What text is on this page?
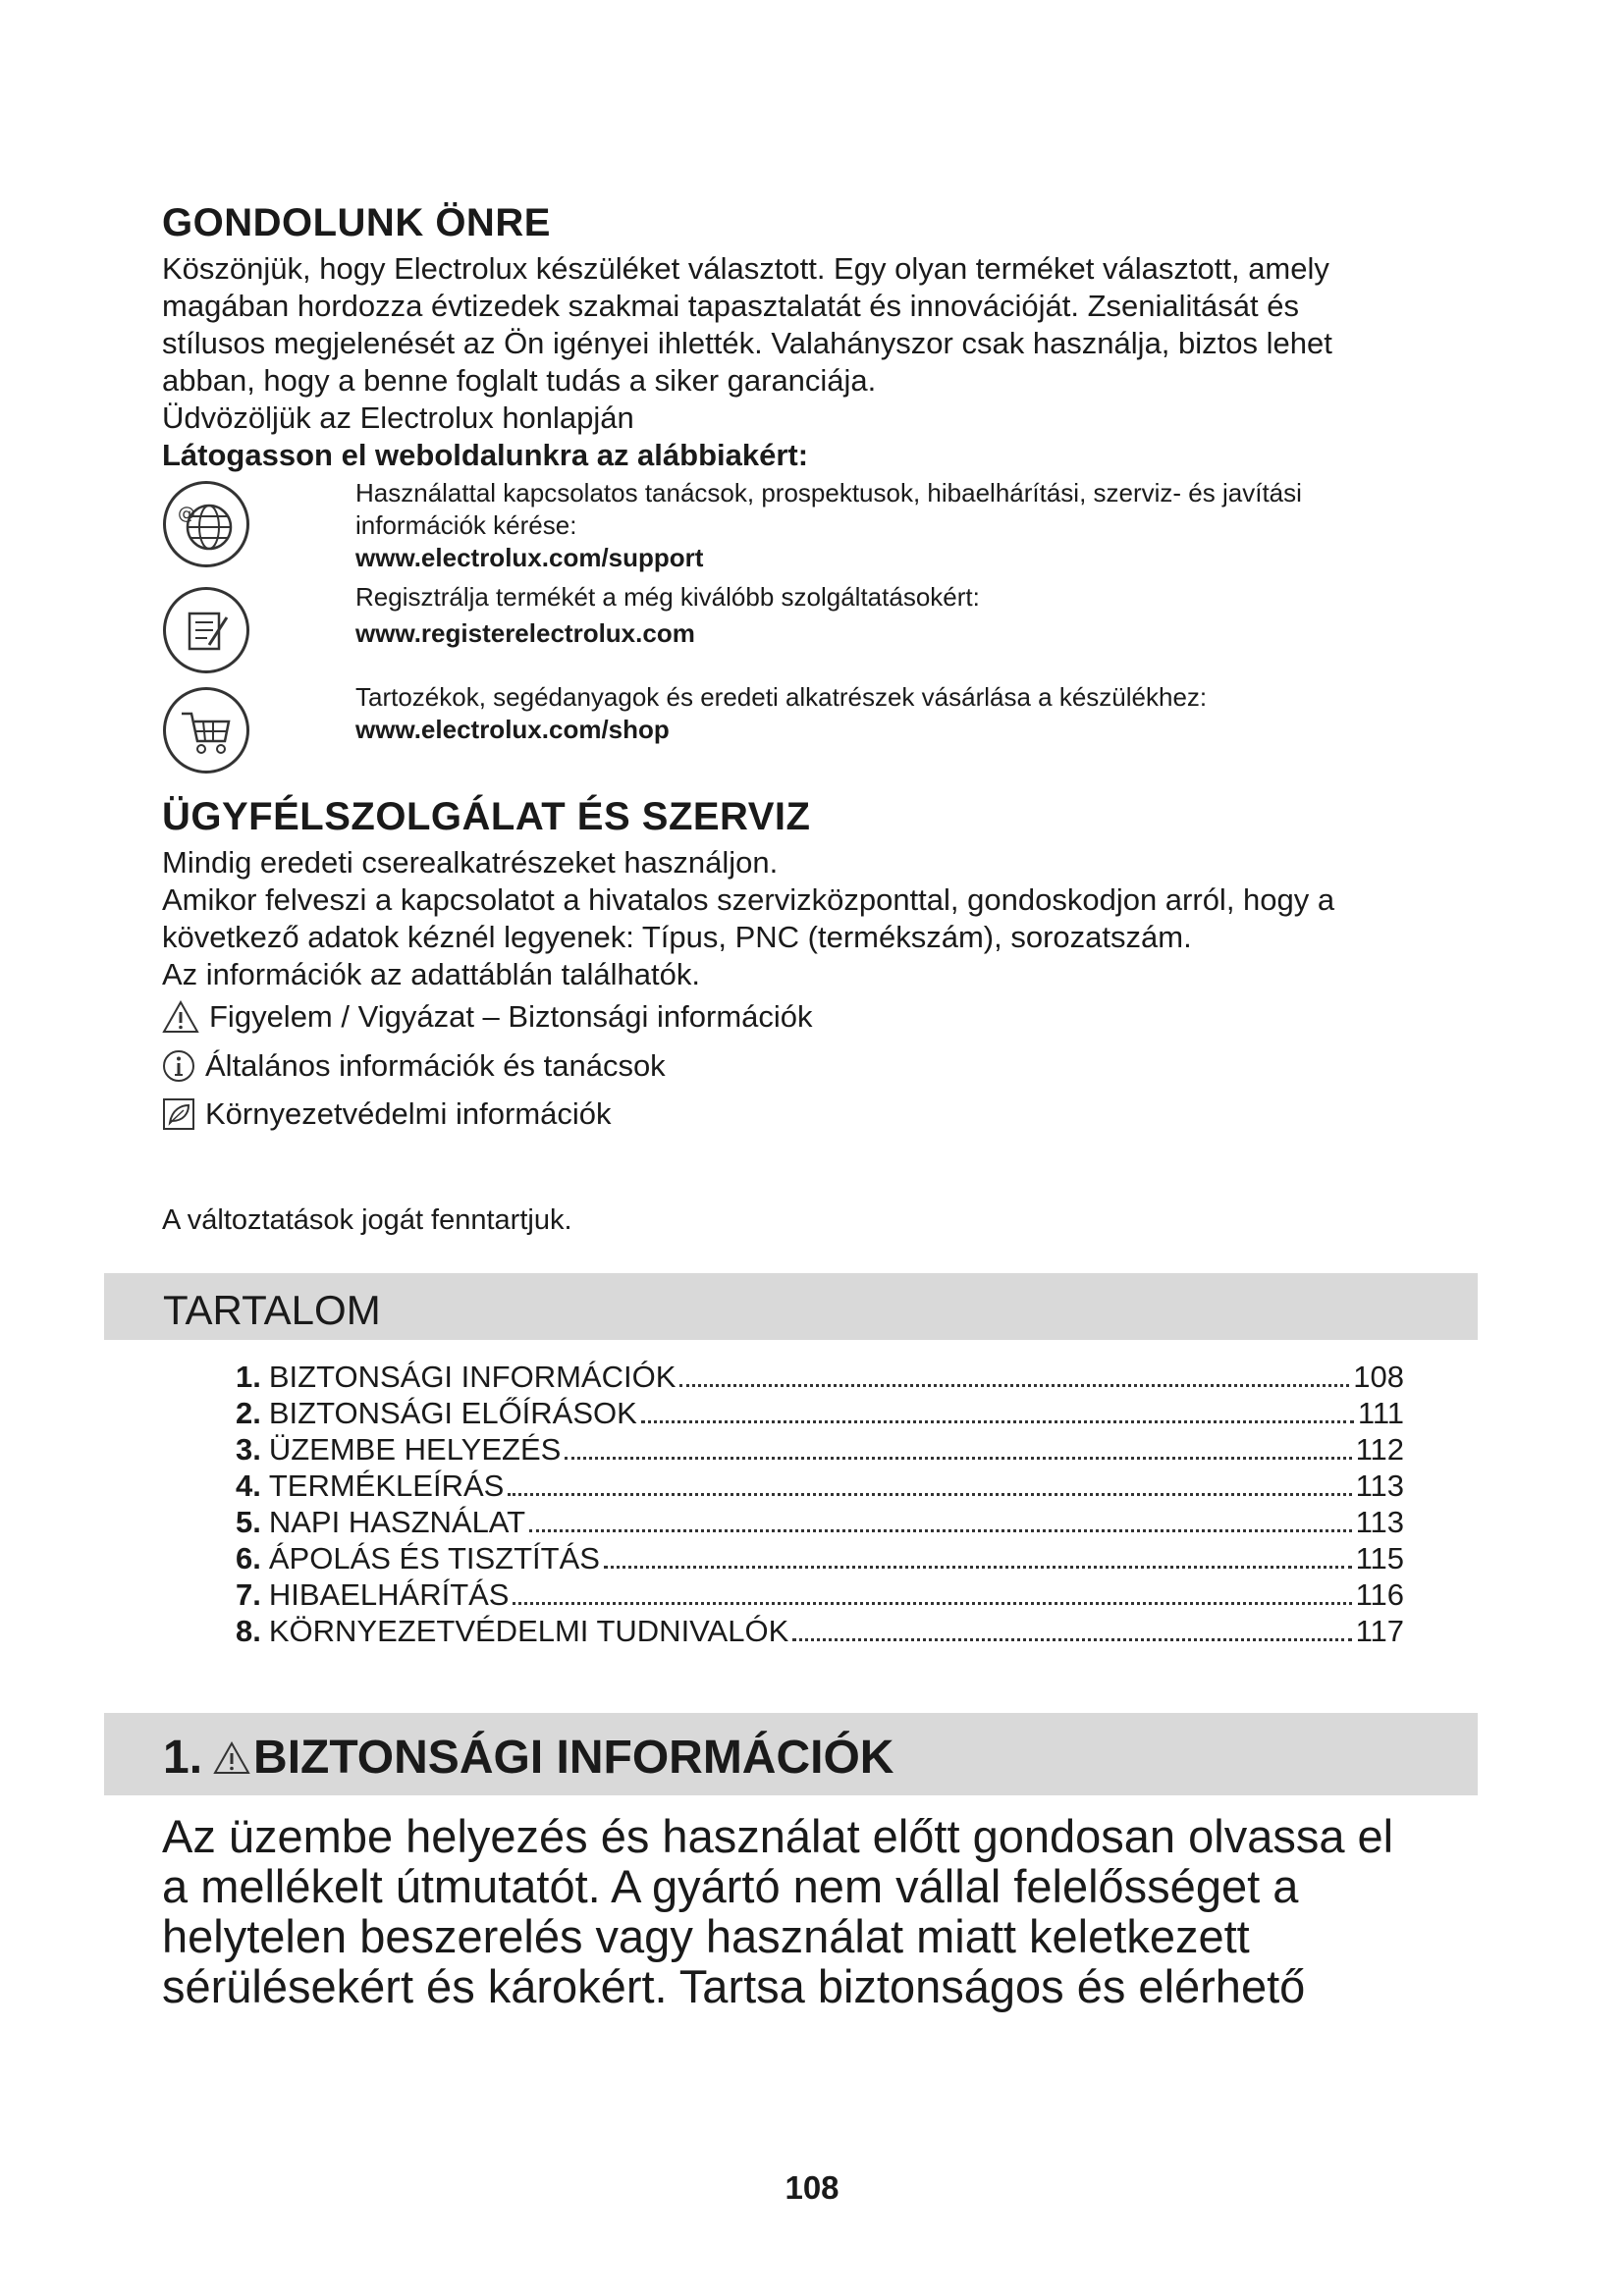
GONDOLUNK ÖNRE
Köszönjük, hogy Electrolux készüléket választott. Egy olyan terméket választott, amely
magában hordozza évtizedek szakmai tapasztalatát és innovációját. Zsenialitását és
stílusos megjelenését az Ön igényei ihlették. Valahányszor csak használja, biztos lehet
abban, hogy a benne foglalt tudás a siker garanciája.
Üdvözöljük az Electrolux honlapján
Látogasson el weboldalunkra az alábbiakért:
@
Használattal kapcsolatos tanácsok, prospektusok, hibaelhárítási, szerviz- és javítási
információk kérése:
www.electrolux.com/support
Regisztrálja termékét a még kiválóbb szolgáltatásokért:
www.registerelectrolux.com
Tartozékok, segédanyagok és eredeti alkatrészek vásárlása a készülékhez:
www.electrolux.com/shop
ÜGYFÉLSZOLGÁLAT ÉS SZERVIZ
Mindig eredeti cserealkatrészeket használjon.
Amikor felveszi a kapcsolatot a hivatalos szervizközponttal, gondoskodjon arról, hogy a
következő adatok kéznél legyenek: Típus, PNC (termékszám), sorozatszám.
Az információk az adattáblán találhatók.
Figyelem / Vigyázat – Biztonsági információk
Általános információk és tanácsok
Környezetvédelmi információk
A változtatások jogát fenntartjuk.
TARTALOM
1. BIZTONSÁGI INFORMÁCIÓK	108
2. BIZTONSÁGI ELŐÍRÁSOK	111
3. ÜZEMBE HELYEZÉS	112
4. TERMÉKLEÍRÁS	113
5. NAPI HASZNÁLAT	113
6. ÁPOLÁS ÉS TISZTÍTÁS	115
7. HIBAELHÁRÍTÁS	116
8. KÖRNYEZETVÉDELMI TUDNIVALÓK	117
1. BIZTONSÁGI INFORMÁCIÓK
Az üzembe helyezés és használat előtt gondosan olvassa el
a mellékelt útmutatót. A gyártó nem vállal felelősséget a
helytelen beszerelés vagy használat miatt keletkezett
sérülésekért és károkért. Tartsa biztonságos és elérhető
108
